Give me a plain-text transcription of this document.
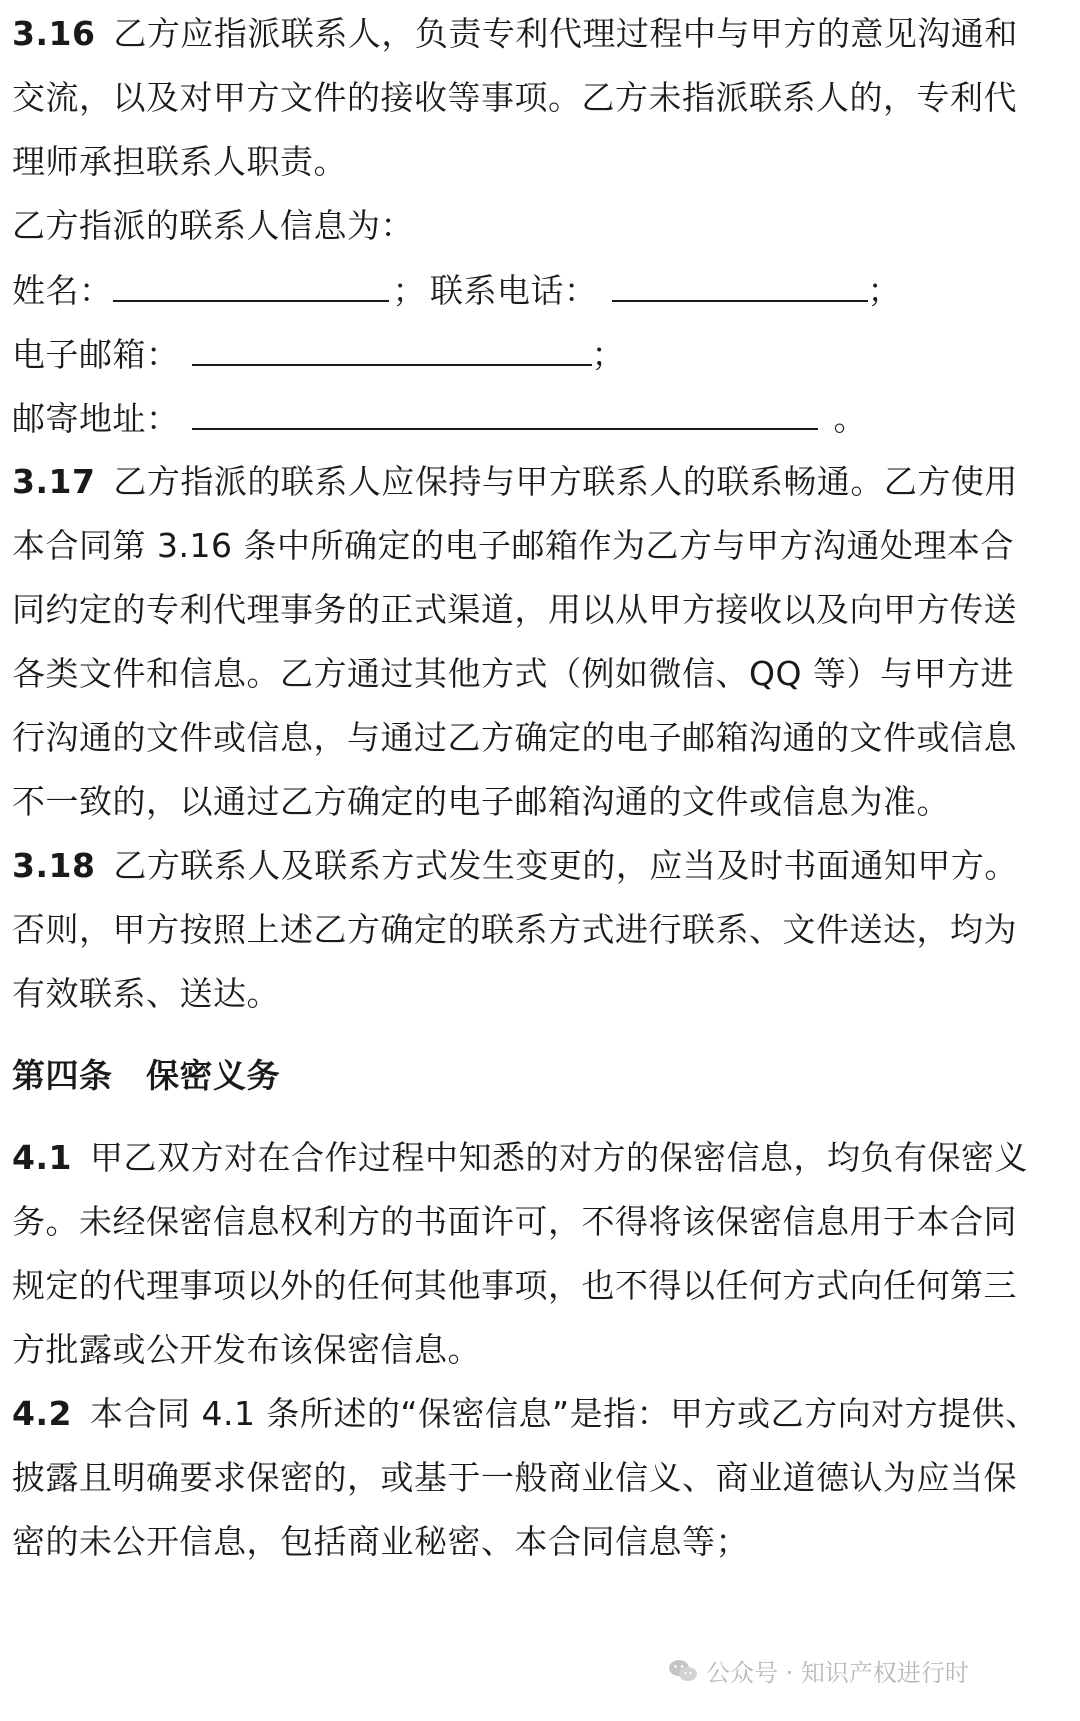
3.16 乙方应指派联系人，负责专利代理过程中与甲方的意见沟通和
交流，以及对甲方文件的接收等事项。乙方未指派联系人的，专利代
理师承担联系人职责。
乙方指派的联系人信息为：
姓名：	； 联系电话：	；
电子邮箱：	；
邮寄地址：	。
3.17 乙方指派的联系人应保持与甲方联系人的联系畅通。乙方使用
本合同第 3.16 条中所确定的电子邮箱作为乙方与甲方沟通处理本合
同约定的专利代理事务的正式渠道，用以从甲方接收以及向甲方传送
各类文件和信息。乙方通过其他方式（例如微信、QQ 等）与甲方进
行沟通的文件或信息，与通过乙方确定的电子邮箱沟通的文件或信息
不一致的，以通过乙方确定的电子邮箱沟通的文件或信息为准。
3.18 乙方联系人及联系方式发生变更的，应当及时书面通知甲方。
否则，甲方按照上述乙方确定的联系方式进行联系、文件送达，均为
有效联系、送达。
第四条　保密义务
4.1 甲乙双方对在合作过程中知悉的对方的保密信息，均负有保密义
务。未经保密信息权利方的书面许可，不得将该保密信息用于本合同
规定的代理事项以外的任何其他事项，也不得以任何方式向任何第三
方批露或公开发布该保密信息。
4.2 本合同 4.1 条所述的“保密信息”是指：甲方或乙方向对方提供、
披露且明确要求保密的，或基于一般商业信义、商业道德认为应当保
密的未公开信息，包括商业秘密、本合同信息等；
公众号 · 知识产权进行时
